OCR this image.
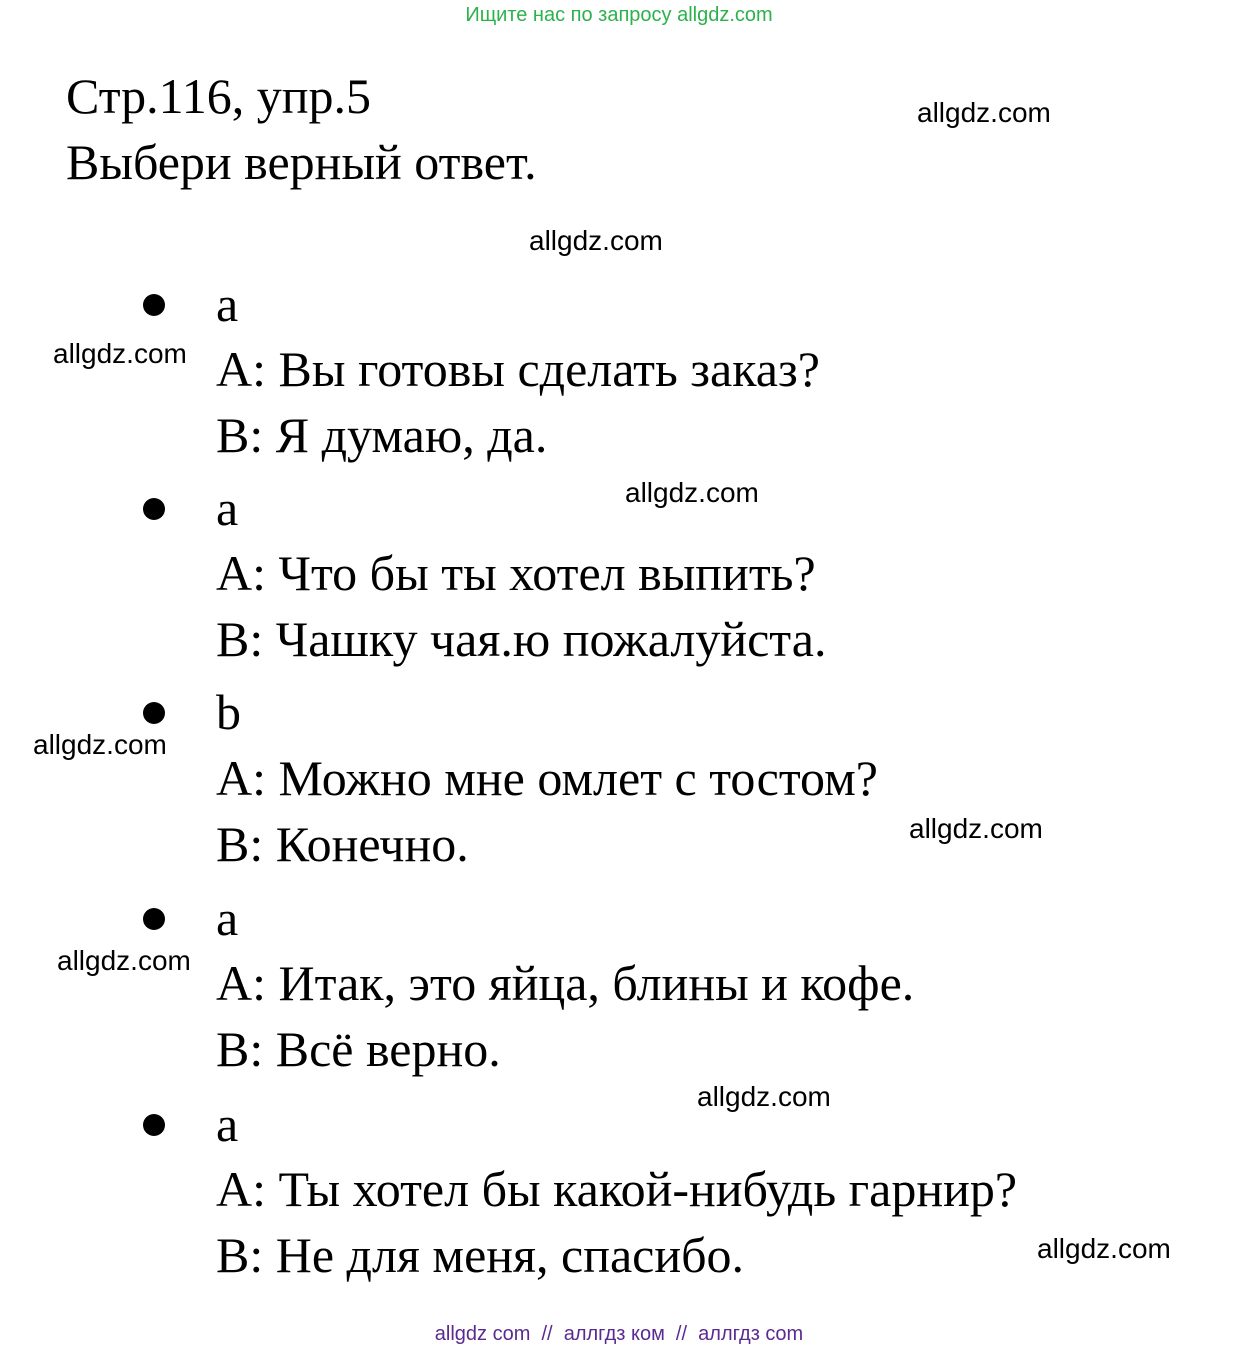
Ищите нас по запросу allgdz.com
Стр.116, упр.5
Выбери верный ответ.
a
A: Вы готовы сделать заказ?
B: Я думаю, да.
a
A: Что бы ты хотел выпить?
B: Чашку чая.ю пожалуйста.
b
A: Можно мне омлет с тостом?
B: Конечно.
a
A: Итак, это яйца, блины и кофе.
B: Всё верно.
a
A: Ты хотел бы какой-нибудь гарнир?
B: Не для меня, спасибо.
allgdz.com
allgdz.com
allgdz.com
allgdz.com
allgdz.com
allgdz.com
allgdz.com
allgdz.com
allgdz.com
allgdz com  //  аллгдз ком  //  аллгдз com
